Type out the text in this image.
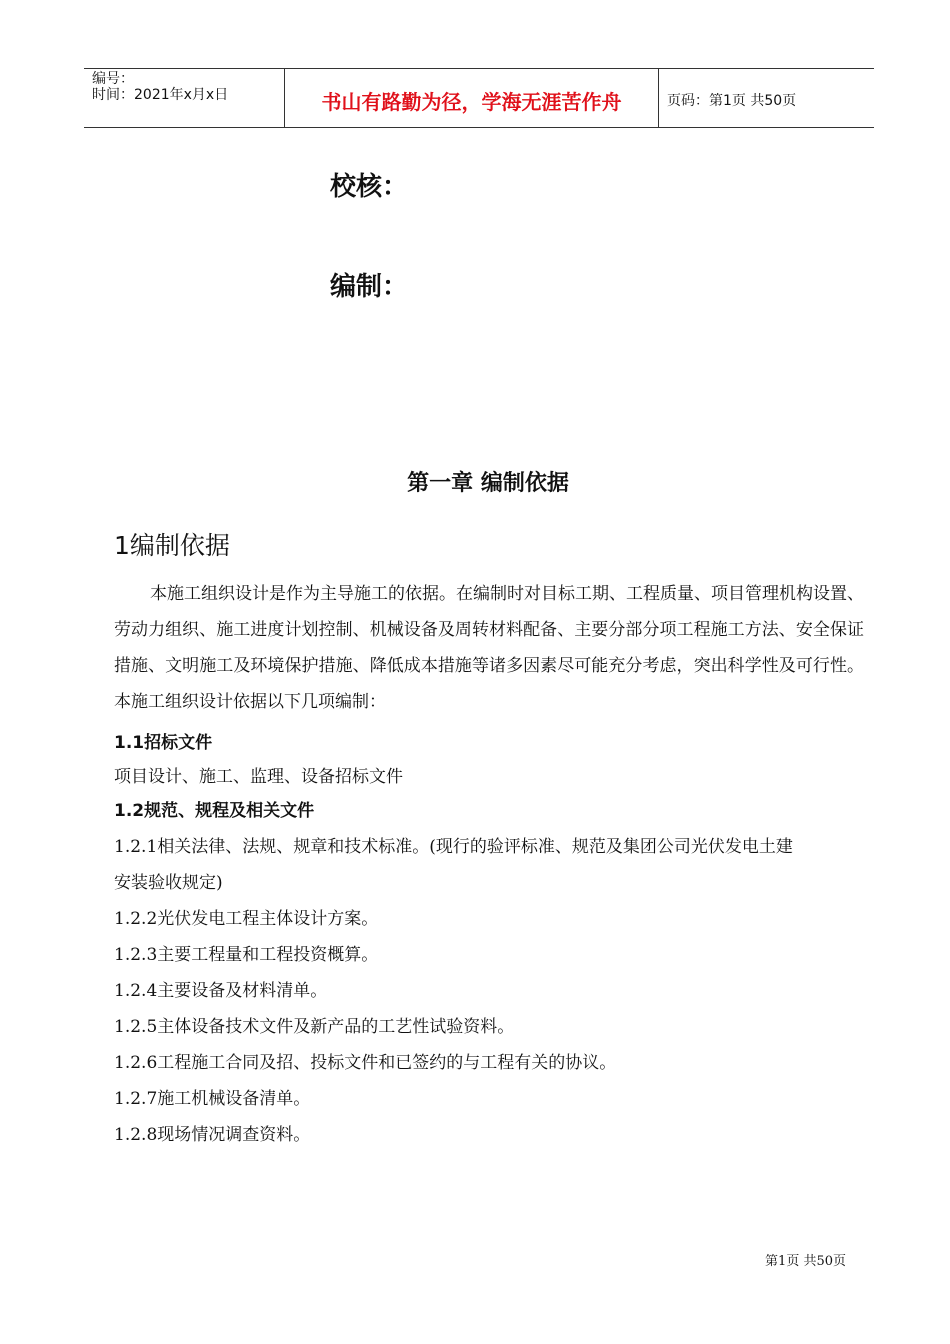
编号：
时间：2021年x月x日	书山有路勤为径，学海无涯苦作舟	页码：第1页 共50页
校核：
编制：
第一章 编制依据
1编制依据
本施工组织设计是作为主导施工的依据。在编制时对目标工期、工程质量、项目管理机构设置、劳动力组织、施工进度计划控制、机械设备及周转材料配备、主要分部分项工程施工方法、安全保证措施、文明施工及环境保护措施、降低成本措施等诸多因素尽可能充分考虑，突出科学性及可行性。本施工组织设计依据以下几项编制：
1.1招标文件
项目设计、施工、监理、设备招标文件
1.2规范、规程及相关文件
1.2.1相关法律、法规、规章和技术标准。(现行的验评标准、规范及集团公司光伏发电土建
安装验收规定)
1.2.2光伏发电工程主体设计方案。
1.2.3主要工程量和工程投资概算。
1.2.4主要设备及材料清单。
1.2.5主体设备技术文件及新产品的工艺性试验资料。
1.2.6工程施工合同及招、投标文件和已签约的与工程有关的协议。
1.2.7施工机械设备清单。
1.2.8现场情况调查资料。
第1页 共50页
